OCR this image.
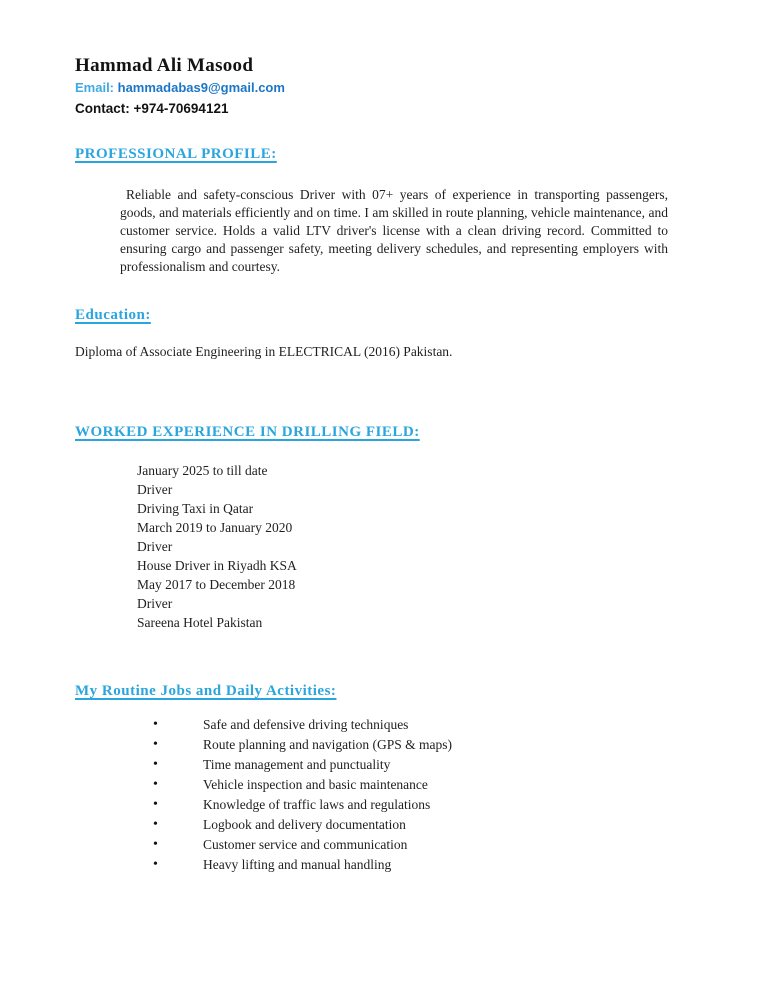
Hammad Ali Masood
Email: hammadabas9@gmail.com
Contact: +974-70694121
PROFESSIONAL PROFILE:

Reliable and safety-conscious Driver with 07+ years of experience in transporting passengers, goods, and materials efficiently and on time. I am skilled in route planning, vehicle maintenance, and customer service. Holds a valid LTV driver's license with a clean driving record. Committed to ensuring cargo and passenger safety, meeting delivery schedules, and representing employers with professionalism and courtesy.

Education:
Diploma of Associate Engineering in ELECTRICAL (2016) Pakistan.
WORKED EXPERIENCE IN DRILLING FIELD:
January 2025 to till date
Driver
Driving Taxi in Qatar
March 2019 to January 2020
Driver
House Driver in Riyadh KSA
May 2017 to December 2018
Driver
Sareena Hotel Pakistan
My Routine Jobs and Daily Activities:
•	Safe and defensive driving techniques
•	Route planning and navigation (GPS & maps)
•	Time management and punctuality
•	Vehicle inspection and basic maintenance
•	Knowledge of traffic laws and regulations
•	Logbook and delivery documentation
•	Customer service and communication
•	Heavy lifting and manual handling
